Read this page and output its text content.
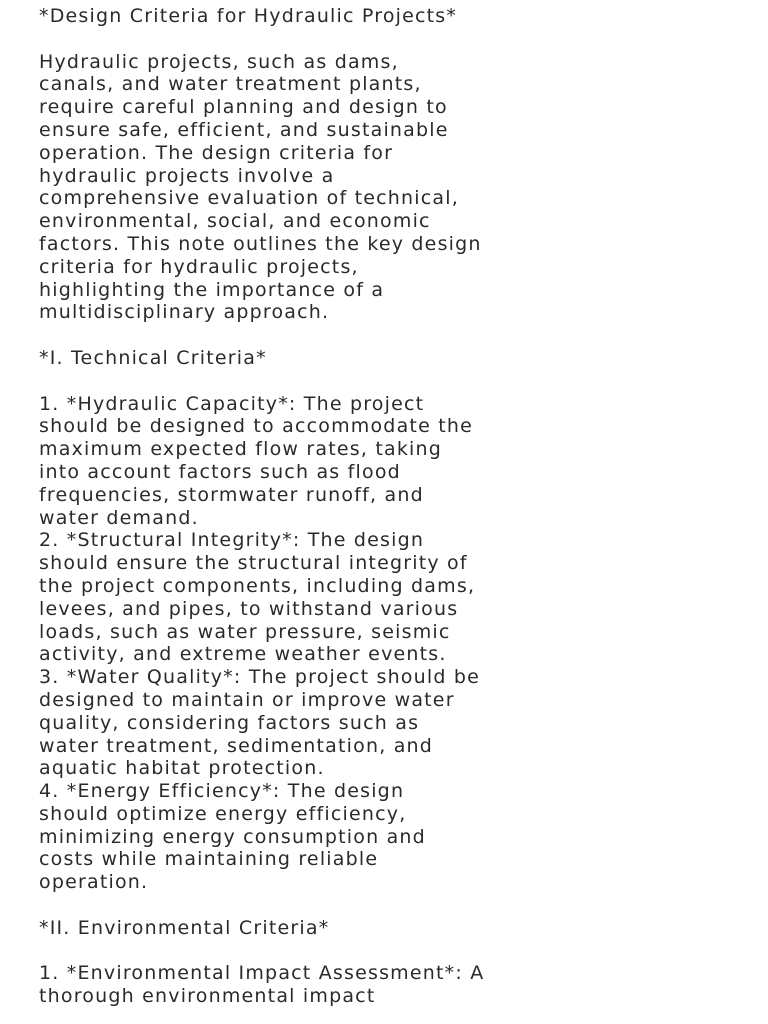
*Design Criteria for Hydraulic Projects*

Hydraulic projects, such as dams,

canals, and water treatment plants,

require careful planning and design to

ensure safe, efficient, and sustainable

operation. The design criteria for

hydraulic projects involve a

comprehensive evaluation of technical,

environmental, social, and economic

factors. This note outlines the key design

criteria for hydraulic projects,

highlighting the importance of a

multidisciplinary approach.

*I. Technical Criteria*

1. *Hydraulic Capacity*: The project

should be designed to accommodate the

maximum expected flow rates, taking

into account factors such as flood

frequencies, stormwater runoff, and

water demand.

2. *Structural Integrity*: The design

should ensure the structural integrity of

the project components, including dams,

levees, and pipes, to withstand various

loads, such as water pressure, seismic

activity, and extreme weather events.

3. *Water Quality*: The project should be

designed to maintain or improve water

quality, considering factors such as

water treatment, sedimentation, and

aquatic habitat protection.

4. *Energy Efficiency*: The design

should optimize energy efficiency,

minimizing energy consumption and

costs while maintaining reliable

operation.

*II. Environmental Criteria*

1. *Environmental Impact Assessment*: A

thorough environmental impact
